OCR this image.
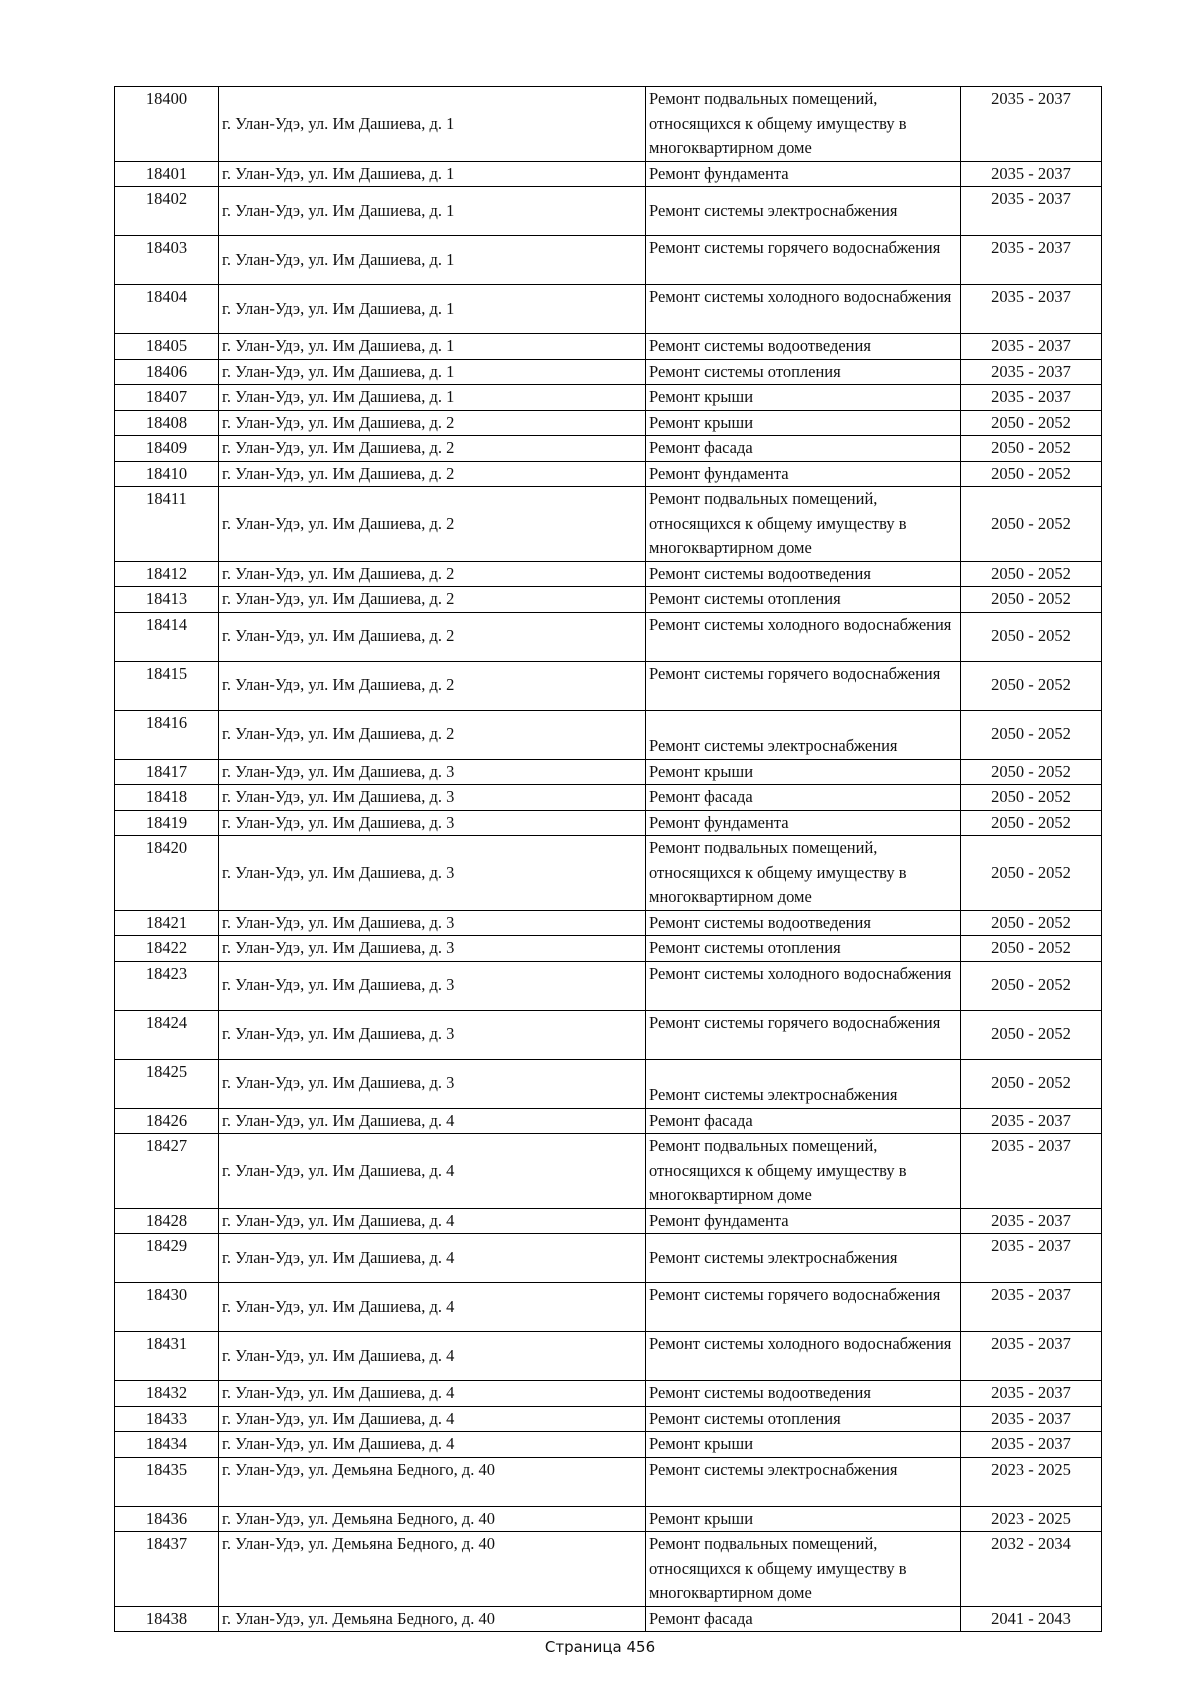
18400	г. Улан-Удэ, ул. Им Дашиева, д. 1	Ремонт подвальных помещений, относящихся к общему имуществу в многоквартирном доме	2035 - 2037
18401	г. Улан-Удэ, ул. Им Дашиева, д. 1	Ремонт фундамента	2035 - 2037
18402	г. Улан-Удэ, ул. Им Дашиева, д. 1	Ремонт системы электроснабжения	2035 - 2037
18403	г. Улан-Удэ, ул. Им Дашиева, д. 1	Ремонт системы горячего водоснабжения	2035 - 2037
18404	г. Улан-Удэ, ул. Им Дашиева, д. 1	Ремонт системы холодного водоснабжения	2035 - 2037
18405	г. Улан-Удэ, ул. Им Дашиева, д. 1	Ремонт системы водоотведения	2035 - 2037
18406	г. Улан-Удэ, ул. Им Дашиева, д. 1	Ремонт системы отопления	2035 - 2037
18407	г. Улан-Удэ, ул. Им Дашиева, д. 1	Ремонт крыши	2035 - 2037
18408	г. Улан-Удэ, ул. Им Дашиева, д. 2	Ремонт крыши	2050 - 2052
18409	г. Улан-Удэ, ул. Им Дашиева, д. 2	Ремонт фасада	2050 - 2052
18410	г. Улан-Удэ, ул. Им Дашиева, д. 2	Ремонт фундамента	2050 - 2052
18411	г. Улан-Удэ, ул. Им Дашиева, д. 2	Ремонт подвальных помещений, относящихся к общему имуществу в многоквартирном доме	2050 - 2052
18412	г. Улан-Удэ, ул. Им Дашиева, д. 2	Ремонт системы водоотведения	2050 - 2052
18413	г. Улан-Удэ, ул. Им Дашиева, д. 2	Ремонт системы отопления	2050 - 2052
18414	г. Улан-Удэ, ул. Им Дашиева, д. 2	Ремонт системы холодного водоснабжения	2050 - 2052
18415	г. Улан-Удэ, ул. Им Дашиева, д. 2	Ремонт системы горячего водоснабжения	2050 - 2052
18416	г. Улан-Удэ, ул. Им Дашиева, д. 2	Ремонт системы электроснабжения	2050 - 2052
18417	г. Улан-Удэ, ул. Им Дашиева, д. 3	Ремонт крыши	2050 - 2052
18418	г. Улан-Удэ, ул. Им Дашиева, д. 3	Ремонт фасада	2050 - 2052
18419	г. Улан-Удэ, ул. Им Дашиева, д. 3	Ремонт фундамента	2050 - 2052
18420	г. Улан-Удэ, ул. Им Дашиева, д. 3	Ремонт подвальных помещений, относящихся к общему имуществу в многоквартирном доме	2050 - 2052
18421	г. Улан-Удэ, ул. Им Дашиева, д. 3	Ремонт системы водоотведения	2050 - 2052
18422	г. Улан-Удэ, ул. Им Дашиева, д. 3	Ремонт системы отопления	2050 - 2052
18423	г. Улан-Удэ, ул. Им Дашиева, д. 3	Ремонт системы холодного водоснабжения	2050 - 2052
18424	г. Улан-Удэ, ул. Им Дашиева, д. 3	Ремонт системы горячего водоснабжения	2050 - 2052
18425	г. Улан-Удэ, ул. Им Дашиева, д. 3	Ремонт системы электроснабжения	2050 - 2052
18426	г. Улан-Удэ, ул. Им Дашиева, д. 4	Ремонт фасада	2035 - 2037
18427	г. Улан-Удэ, ул. Им Дашиева, д. 4	Ремонт подвальных помещений, относящихся к общему имуществу в многоквартирном доме	2035 - 2037
18428	г. Улан-Удэ, ул. Им Дашиева, д. 4	Ремонт фундамента	2035 - 2037
18429	г. Улан-Удэ, ул. Им Дашиева, д. 4	Ремонт системы электроснабжения	2035 - 2037
18430	г. Улан-Удэ, ул. Им Дашиева, д. 4	Ремонт системы горячего водоснабжения	2035 - 2037
18431	г. Улан-Удэ, ул. Им Дашиева, д. 4	Ремонт системы холодного водоснабжения	2035 - 2037
18432	г. Улан-Удэ, ул. Им Дашиева, д. 4	Ремонт системы водоотведения	2035 - 2037
18433	г. Улан-Удэ, ул. Им Дашиева, д. 4	Ремонт системы отопления	2035 - 2037
18434	г. Улан-Удэ, ул. Им Дашиева, д. 4	Ремонт крыши	2035 - 2037
18435	г. Улан-Удэ, ул. Демьяна Бедного, д. 40	Ремонт системы электроснабжения	2023 - 2025
18436	г. Улан-Удэ, ул. Демьяна Бедного, д. 40	Ремонт крыши	2023 - 2025
18437	г. Улан-Удэ, ул. Демьяна Бедного, д. 40	Ремонт подвальных помещений, относящихся к общему имуществу в многоквартирном доме	2032 - 2034
18438	г. Улан-Удэ, ул. Демьяна Бедного, д. 40	Ремонт фасада	2041 - 2043
Страница 456
